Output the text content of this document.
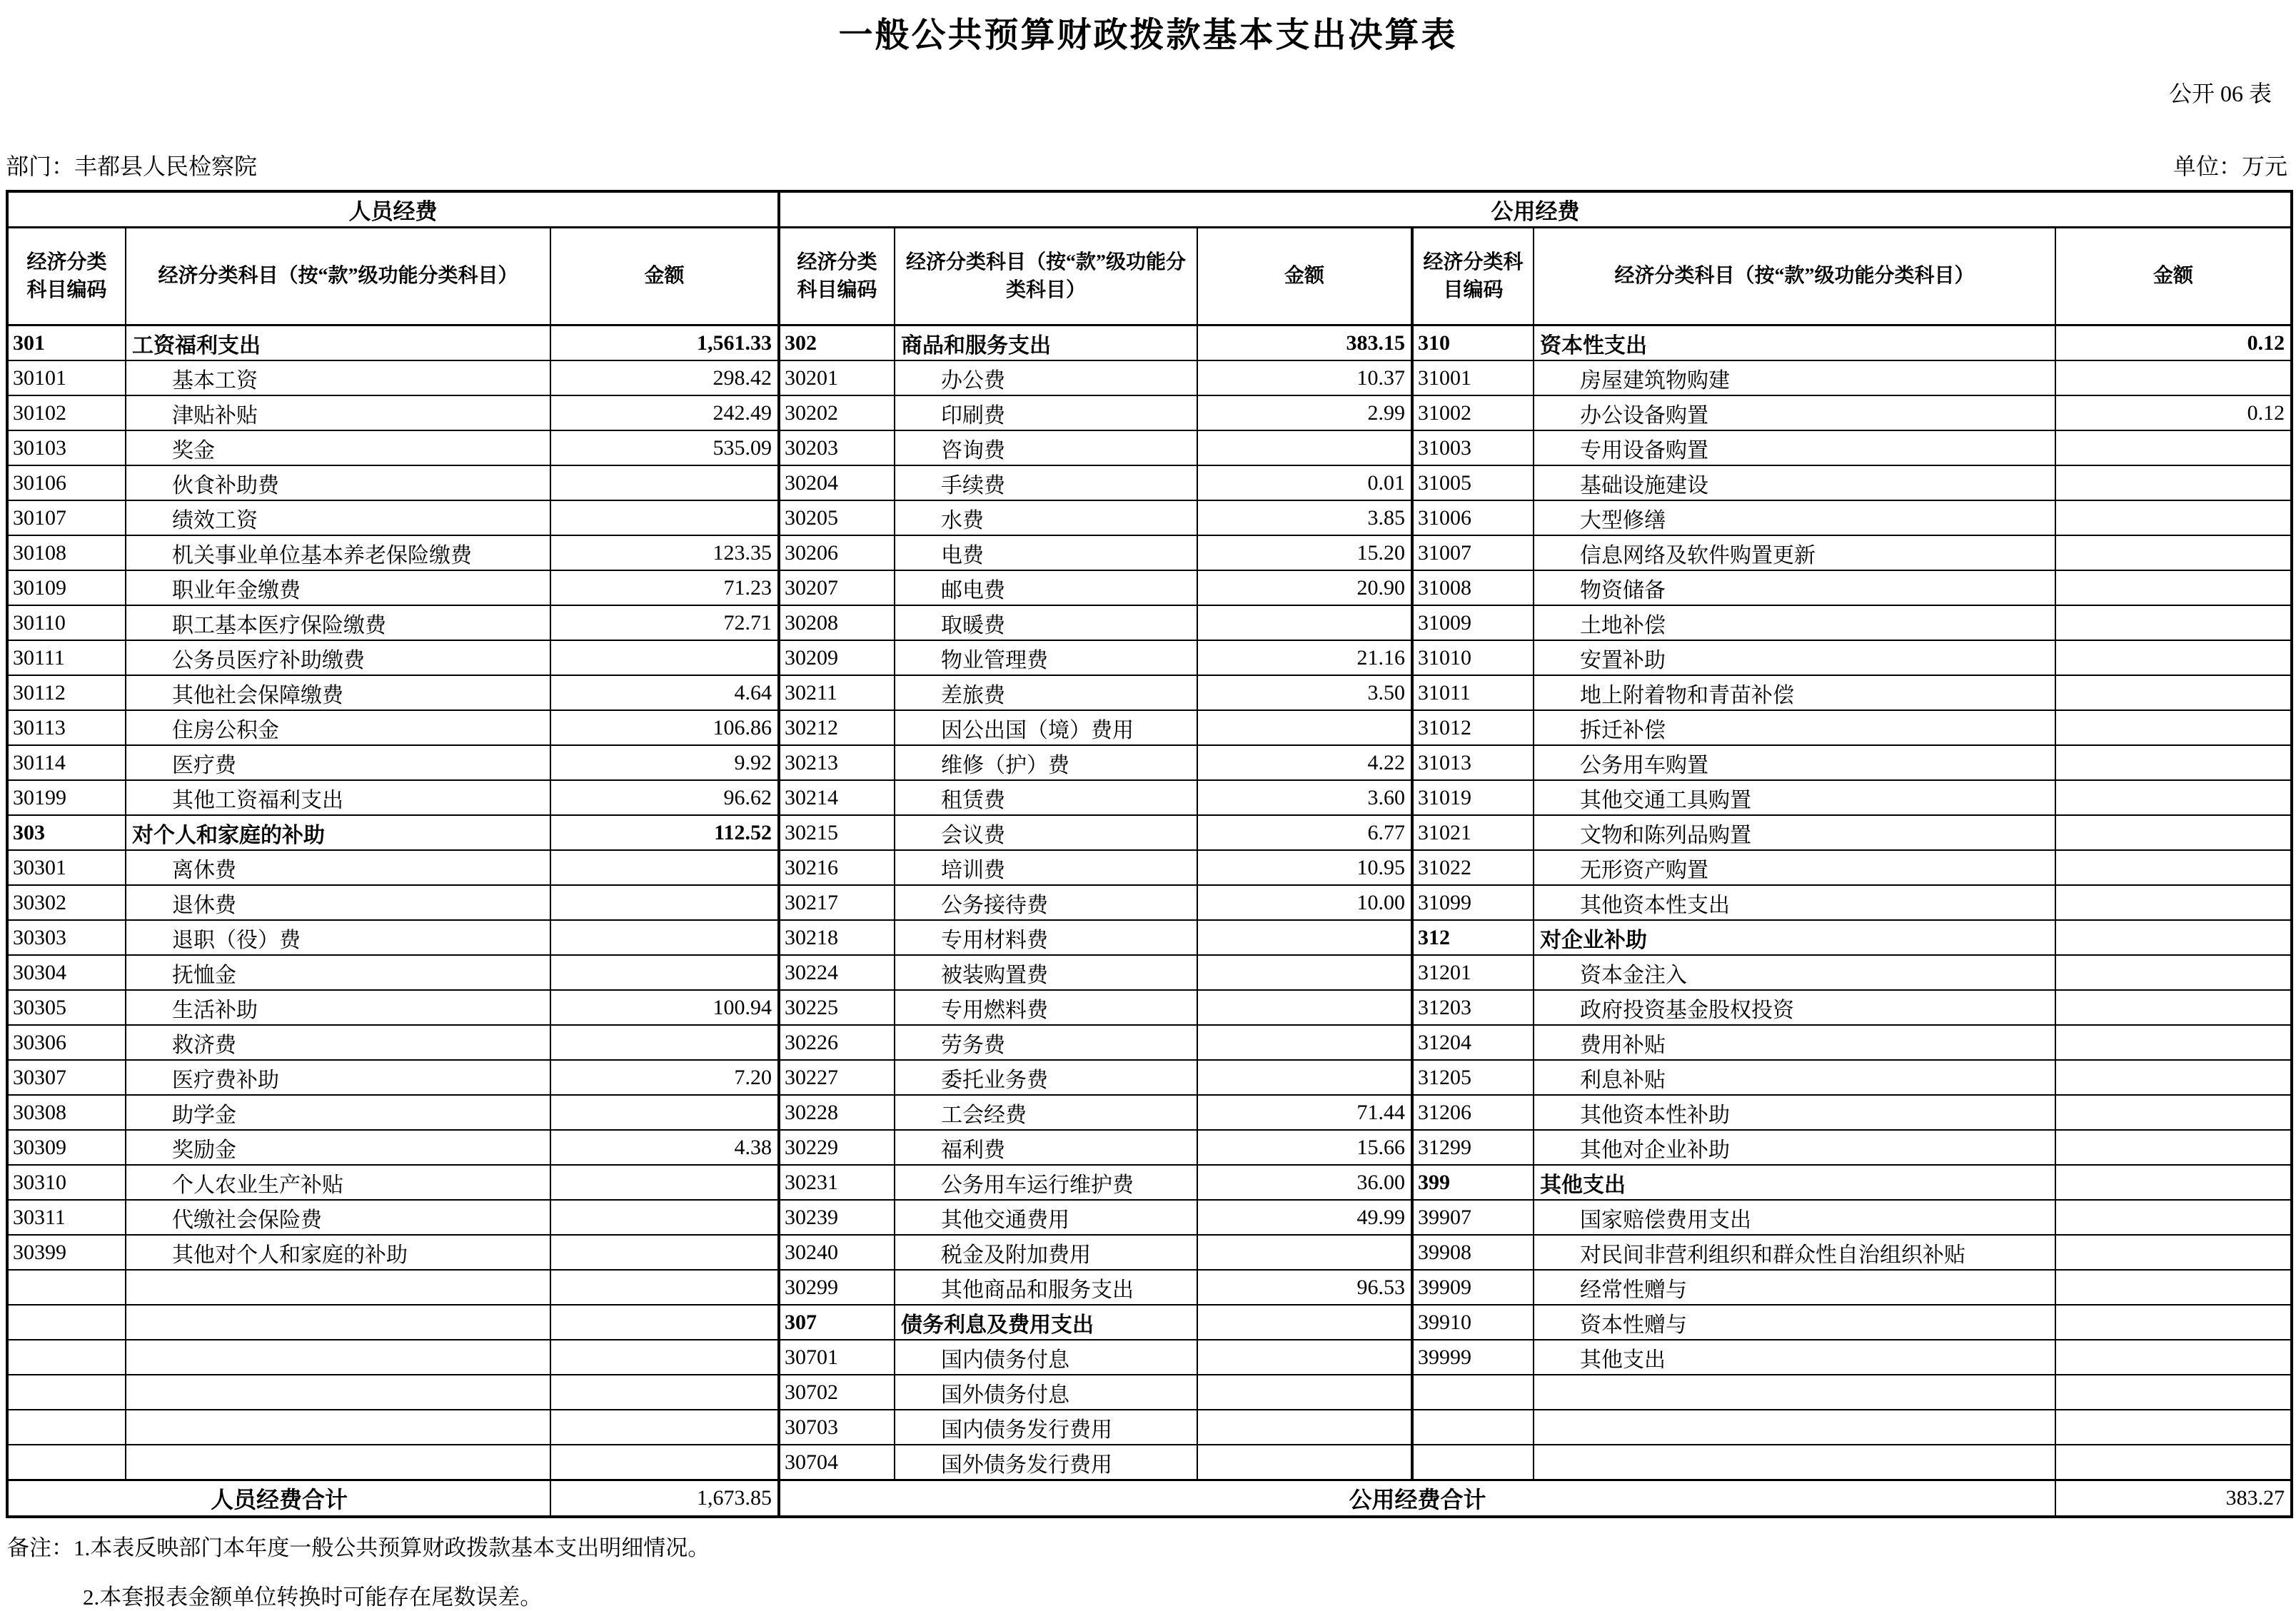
一般公共预算财政拨款基本支出决算表
公开 06 表
部门：丰都县人民检察院	单位：万元
人员经费			公用经费					
经济分类科目编码	经济分类科目（按“款”级功能分类科目）	金额	经济分类科目编码	经济分类科目（按“款”级功能分类科目）	金额	经济分类科目编码	经济分类科目（按“款”级功能分类科目）	金额
301	工资福利支出	1,561.33	302	商品和服务支出	383.15	310	资本性支出	0.12
30101	基本工资	298.42	30201	办公费	10.37	31001	房屋建筑物购建	
30102	津贴补贴	242.49	30202	印刷费	2.99	31002	办公设备购置	0.12
30103	奖金	535.09	30203	咨询费		31003	专用设备购置	
30106	伙食补助费		30204	手续费	0.01	31005	基础设施建设	
30107	绩效工资		30205	水费	3.85	31006	大型修缮	
30108	机关事业单位基本养老保险缴费	123.35	30206	电费	15.20	31007	信息网络及软件购置更新	
30109	职业年金缴费	71.23	30207	邮电费	20.90	31008	物资储备	
30110	职工基本医疗保险缴费	72.71	30208	取暖费		31009	土地补偿	
30111	公务员医疗补助缴费		30209	物业管理费	21.16	31010	安置补助	
30112	其他社会保障缴费	4.64	30211	差旅费	3.50	31011	地上附着物和青苗补偿	
30113	住房公积金	106.86	30212	因公出国（境）费用		31012	拆迁补偿	
30114	医疗费	9.92	30213	维修（护）费	4.22	31013	公务用车购置	
30199	其他工资福利支出	96.62	30214	租赁费	3.60	31019	其他交通工具购置	
303	对个人和家庭的补助	112.52	30215	会议费	6.77	31021	文物和陈列品购置	
30301	离休费		30216	培训费	10.95	31022	无形资产购置	
30302	退休费		30217	公务接待费	10.00	31099	其他资本性支出	
30303	退职（役）费		30218	专用材料费		312	对企业补助	
30304	抚恤金		30224	被装购置费		31201	资本金注入	
30305	生活补助	100.94	30225	专用燃料费		31203	政府投资基金股权投资	
30306	救济费		30226	劳务费		31204	费用补贴	
30307	医疗费补助	7.20	30227	委托业务费		31205	利息补贴	
30308	助学金		30228	工会经费	71.44	31206	其他资本性补助	
30309	奖励金	4.38	30229	福利费	15.66	31299	其他对企业补助	
30310	个人农业生产补贴		30231	公务用车运行维护费	36.00	399	其他支出	
30311	代缴社会保险费		30239	其他交通费用	49.99	39907	国家赔偿费用支出	
30399	其他对个人和家庭的补助		30240	税金及附加费用		39908	对民间非营利组织和群众性自治组织补贴	
			30299	其他商品和服务支出	96.53	39909	经常性赠与	
			307	债务利息及费用支出		39910	资本性赠与	
			30701	国内债务付息		39999	其他支出	
			30702	国外债务付息				
			30703	国内债务发行费用				
			30704	国外债务发行费用				
人员经费合计		1,673.85	公用经费合计					383.27
备注：1.本表反映部门本年度一般公共预算财政拨款基本支出明细情况。
2.本套报表金额单位转换时可能存在尾数误差。
